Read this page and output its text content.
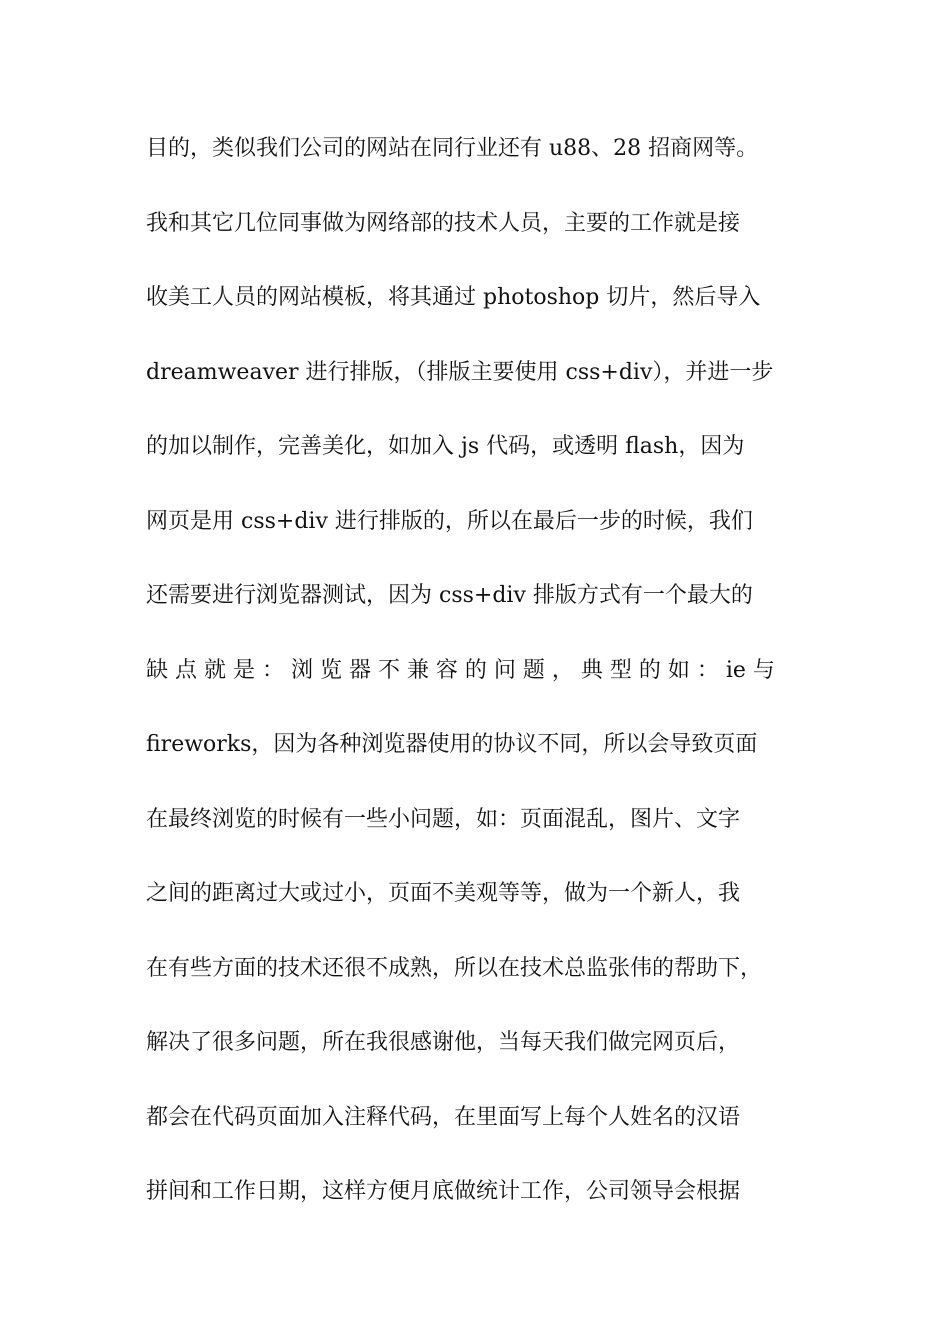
目的，类似我们公司的网站在同行业还有 u88、28 招商网等。
我和其它几位同事做为网络部的技术人员，主要的工作就是接
收美工人员的网站模板，将其通过 photoshop 切片，然后导入
dreamweaver 进行排版，（排版主要使用 css+div），并进一步
的加以制作，完善美化，如加入 js 代码，或透明 flash，因为
网页是用 css+div 进行排版的，所以在最后一步的时候，我们
还需要进行浏览器测试，因为 css+div 排版方式有一个最大的
缺 点 就 是 ： 浏 览 器 不 兼 容 的 问 题 ， 典 型 的 如 ： ie 与
fireworks，因为各种浏览器使用的协议不同，所以会导致页面
在最终浏览的时候有一些小问题，如：页面混乱，图片、文字
之间的距离过大或过小，页面不美观等等，做为一个新人，我
在有些方面的技术还很不成熟，所以在技术总监张伟的帮助下，
解决了很多问题，所在我很感谢他，当每天我们做完网页后，
都会在代码页面加入注释代码，在里面写上每个人姓名的汉语
拼间和工作日期，这样方便月底做统计工作，公司领导会根据
